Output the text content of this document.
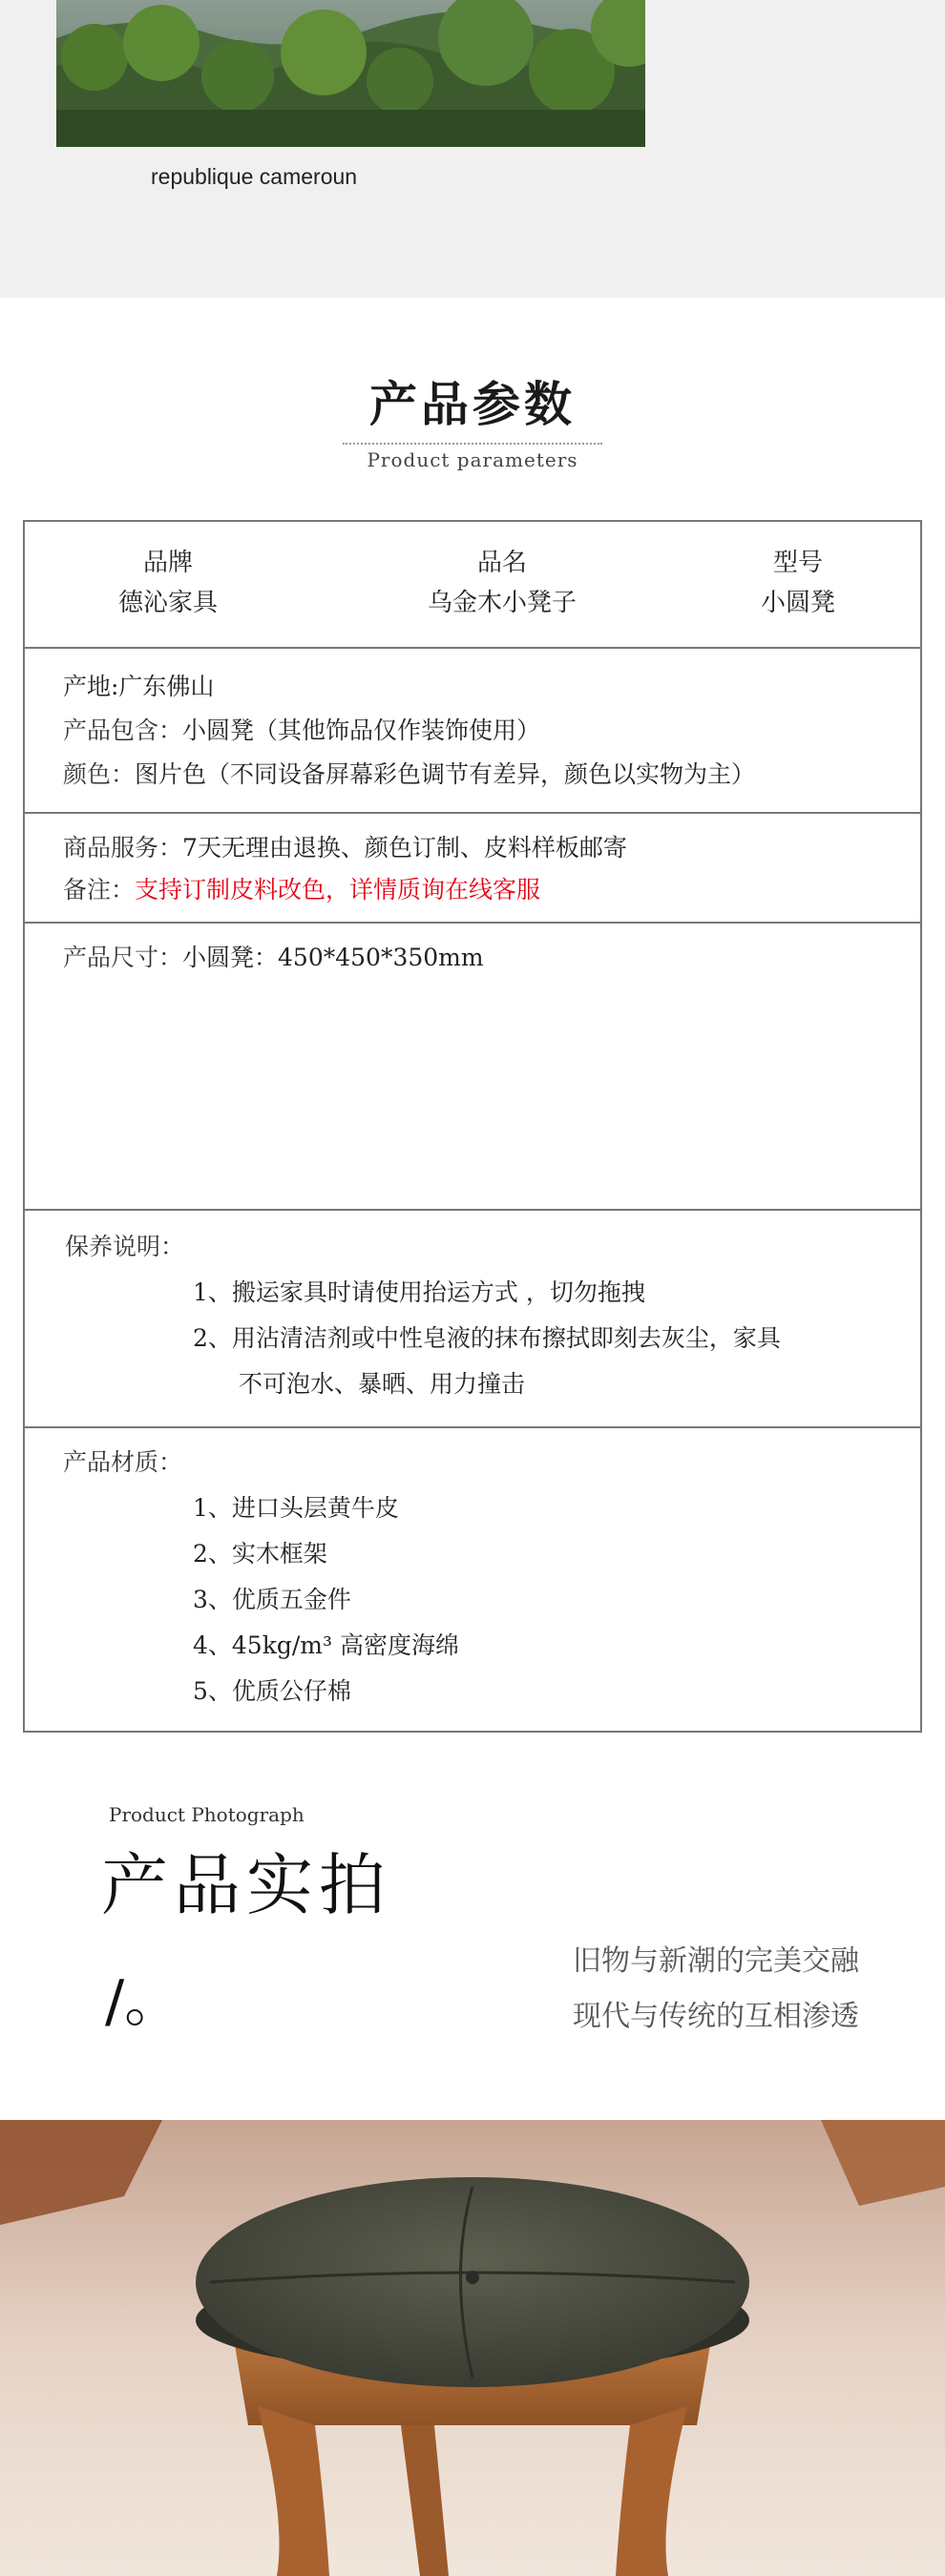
republique cameroun
产品参数
Product parameters
品牌
德沁家具
品名
乌金木小凳子
型号
小圆凳
产地:广东佛山
产品包含：小圆凳（其他饰品仅作装饰使用）
颜色：图片色（不同设备屏幕彩色调节有差异，颜色以实物为主）
商品服务：7天无理由退换、颜色订制、皮料样板邮寄
备注：支持订制皮料改色，详情质询在线客服
产品尺寸：小圆凳：450*450*350mm
保养说明：
1、搬运家具时请使用抬运方式 ，切勿拖拽
2、用沾清洁剂或中性皂液的抹布擦拭即刻去灰尘，家具
不可泡水、暴晒、用力撞击
产品材质：
1、进口头层黄牛皮
2、实木框架
3、优质五金件
4、45kg/m³ 高密度海绵
5、优质公仔棉
Product Photograph
产品实拍
/。
旧物与新潮的完美交融
现代与传统的互相渗透
